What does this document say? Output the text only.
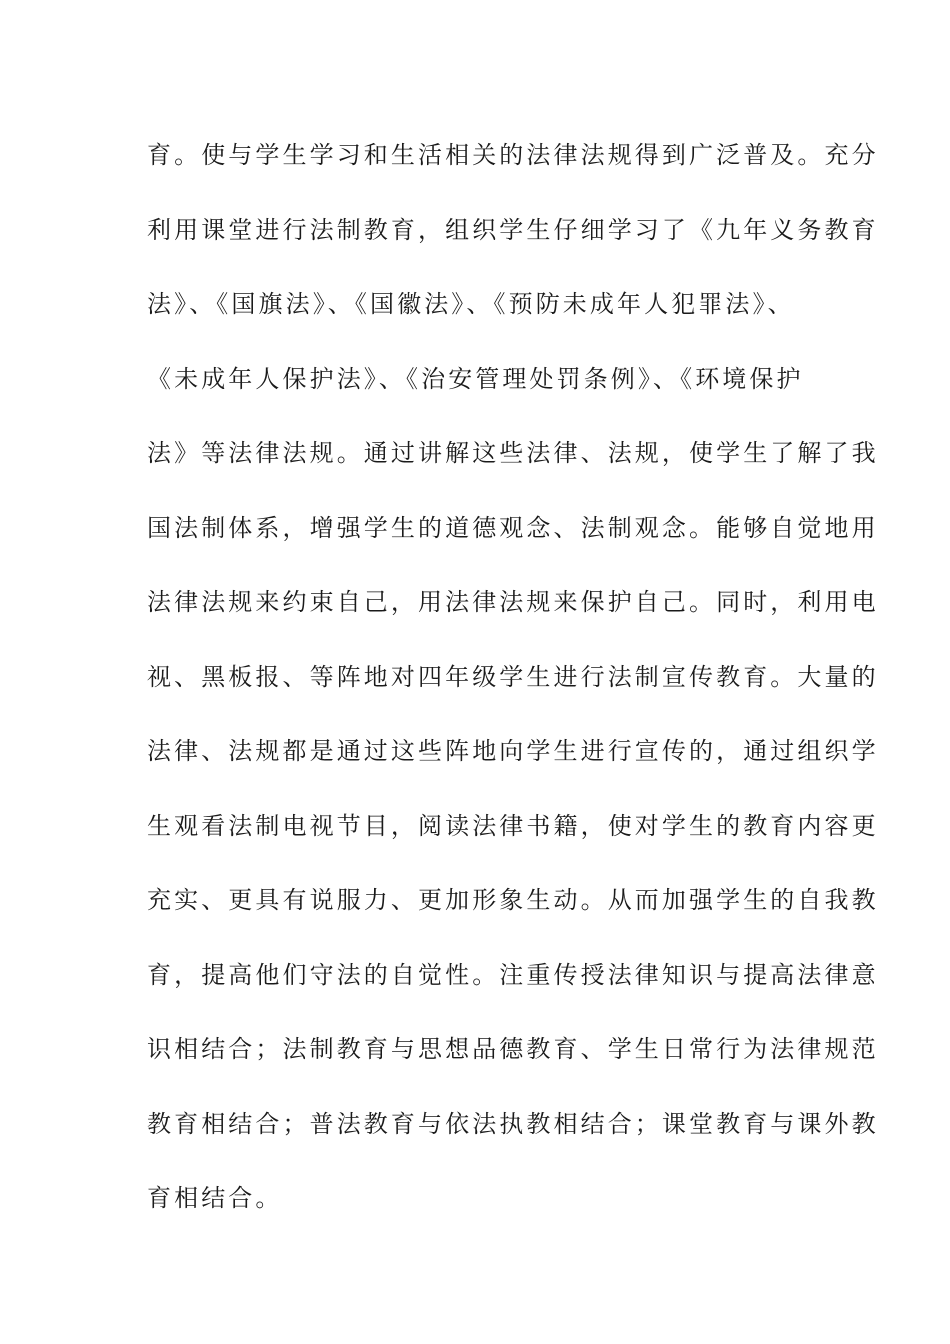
育。使与学生学习和生活相关的法律法规得到广泛普及。充分
利用课堂进行法制教育，组织学生仔细学习了《九年义务教育
法》、《国旗法》、《国徽法》、《预防未成年人犯罪法》、
《未成年人保护法》、《治安管理处罚条例》、《环境保护
法》等法律法规。通过讲解这些法律、法规，使学生了解了我
国法制体系，增强学生的道德观念、法制观念。能够自觉地用
法律法规来约束自己，用法律法规来保护自己。同时，利用电
视、黑板报、等阵地对四年级学生进行法制宣传教育。大量的
法律、法规都是通过这些阵地向学生进行宣传的，通过组织学
生观看法制电视节目，阅读法律书籍，使对学生的教育内容更
充实、更具有说服力、更加形象生动。从而加强学生的自我教
育，提高他们守法的自觉性。注重传授法律知识与提高法律意
识相结合；法制教育与思想品德教育、学生日常行为法律规范
教育相结合；普法教育与依法执教相结合；课堂教育与课外教
育相结合。
